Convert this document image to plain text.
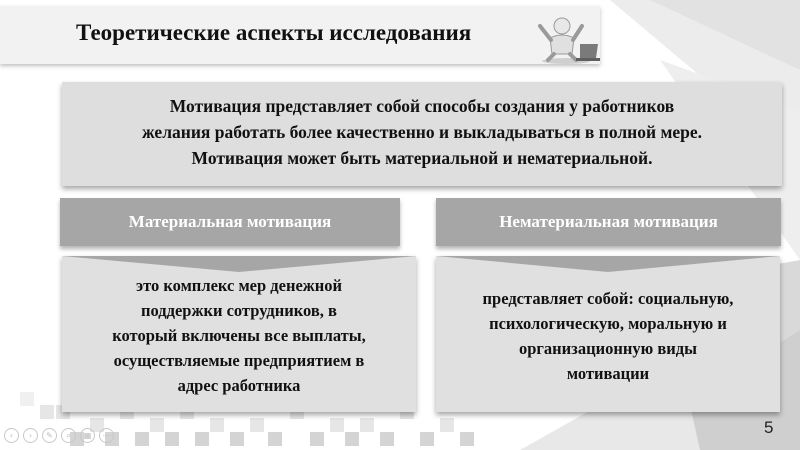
Теоретические аспекты исследования
Мотивация представляет собой способы создания у работников
желания работать более качественно и выкладываться в полной мере.
Мотивация может быть материальной и нематериальной.
Материальная мотивация
это комплекс мер денежной
поддержки сотрудников, в
который включены все выплаты,
осуществляемые предприятием в
адрес работника
Нематериальная мотивация
представляет собой: социальную,
психологическую, моральную и
организационную виды
мотивации
5
‹	›	✎	⌕	▦	⋯
